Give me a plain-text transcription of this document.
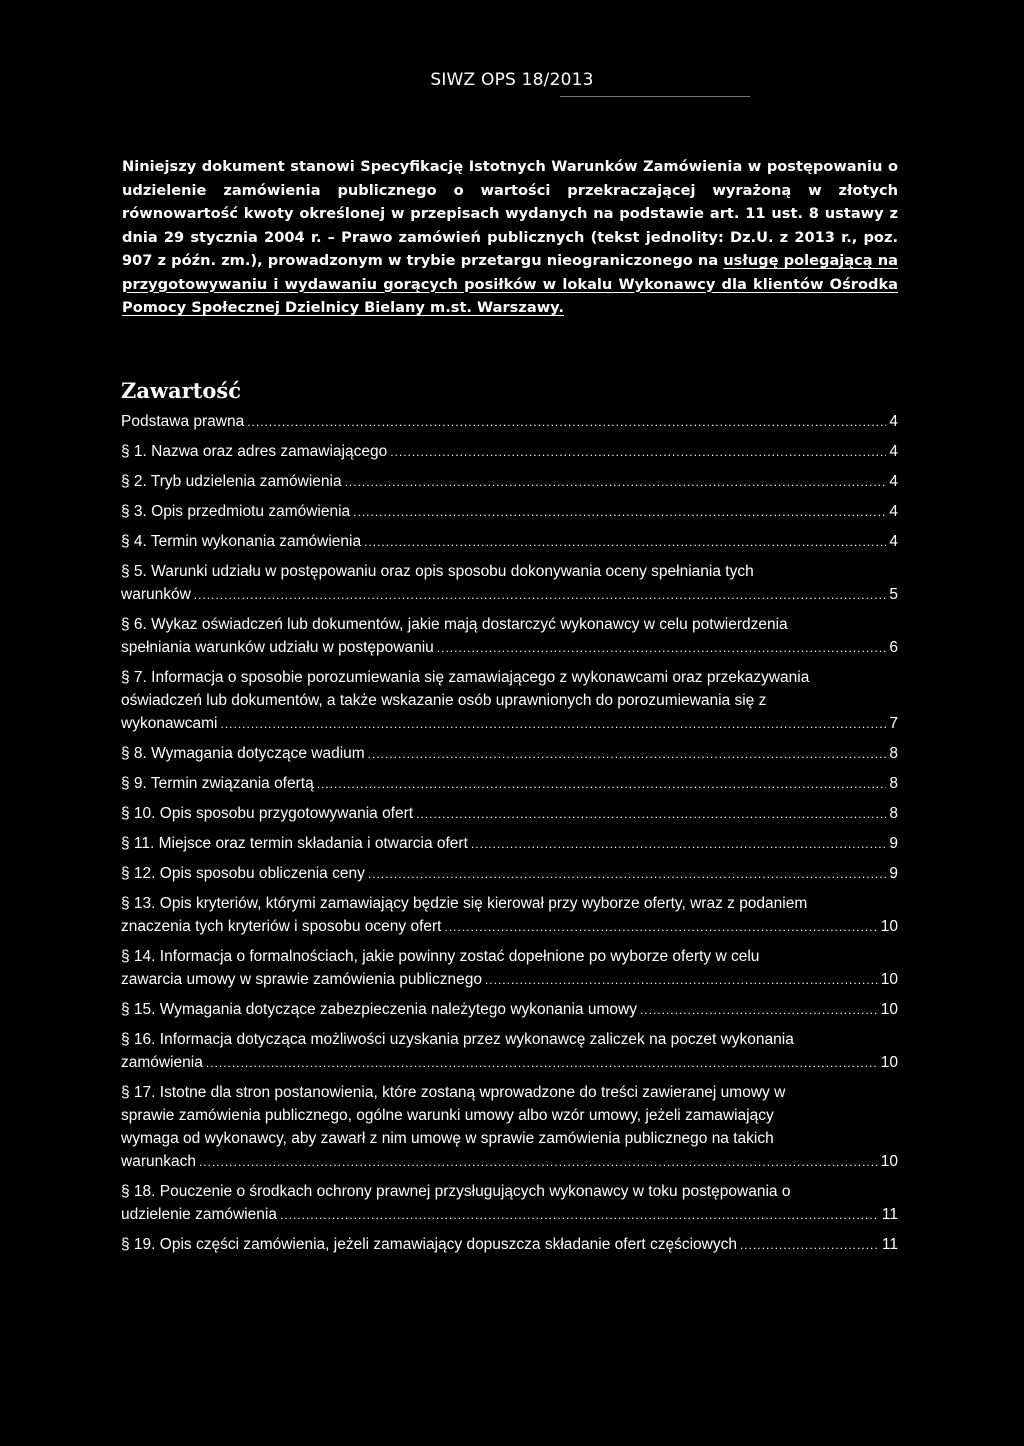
SIWZ OPS 18/2013
Niniejszy dokument stanowi Specyfikację Istotnych Warunków Zamówienia w postępowaniu o udzielenie zamówienia publicznego o wartości przekraczającej wyrażoną w złotych równowartość kwoty określonej w przepisach wydanych na podstawie art. 11 ust. 8 ustawy z dnia 29 stycznia 2004 r. – Prawo zamówień publicznych (tekst jednolity: Dz.U. z 2013 r., poz. 907 z późn. zm.), prowadzonym w trybie przetargu nieograniczonego na usługę polegającą na przygotowywaniu i wydawaniu gorących posiłków w lokalu Wykonawcy dla klientów Ośrodka Pomocy Społecznej Dzielnicy Bielany m.st. Warszawy.
Zawartość
Podstawa prawna .....	4
§ 1. Nazwa oraz adres zamawiającego .....	4
§ 2. Tryb udzielenia zamówienia .....	4
§ 3. Opis przedmiotu zamówienia .....	4
§ 4. Termin wykonania zamówienia .....	4
§ 5. Warunki udziału w postępowaniu oraz opis sposobu dokonywania oceny spełniania tych
warunków .....	5
§ 6. Wykaz oświadczeń lub dokumentów, jakie mają dostarczyć wykonawcy w celu potwierdzenia
spełniania warunków udziału w postępowaniu .....	6
§ 7. Informacja o sposobie porozumiewania się zamawiającego z wykonawcami oraz przekazywania
oświadczeń lub dokumentów, a także wskazanie osób uprawnionych do porozumiewania się z
wykonawcami .....	7
§ 8. Wymagania dotyczące wadium .....	8
§ 9. Termin związania ofertą .....	8
§ 10. Opis sposobu przygotowywania ofert .....	8
§ 11. Miejsce oraz termin składania i otwarcia ofert .....	9
§ 12. Opis sposobu obliczenia ceny .....	9
§ 13. Opis kryteriów, którymi zamawiający będzie się kierował przy wyborze oferty, wraz z podaniem
znaczenia tych kryteriów i sposobu oceny ofert .....	10
§ 14. Informacja o formalnościach, jakie powinny zostać dopełnione po wyborze oferty w celu
zawarcia umowy w sprawie zamówienia publicznego .....	10
§ 15. Wymagania dotyczące zabezpieczenia należytego wykonania umowy .....	10
§ 16. Informacja dotycząca możliwości uzyskania przez wykonawcę zaliczek na poczet wykonania
zamówienia .....	10
§ 17. Istotne dla stron postanowienia, które zostaną wprowadzone do treści zawieranej umowy w
sprawie zamówienia publicznego, ogólne warunki umowy albo wzór umowy, jeżeli zamawiający
wymaga od wykonawcy, aby zawarł z nim umowę w sprawie zamówienia publicznego na takich
warunkach .....	10
§ 18. Pouczenie o środkach ochrony prawnej przysługujących wykonawcy w toku postępowania o
udzielenie zamówienia .....	11
§ 19. Opis części zamówienia, jeżeli zamawiający dopuszcza składanie ofert częściowych .....	11
